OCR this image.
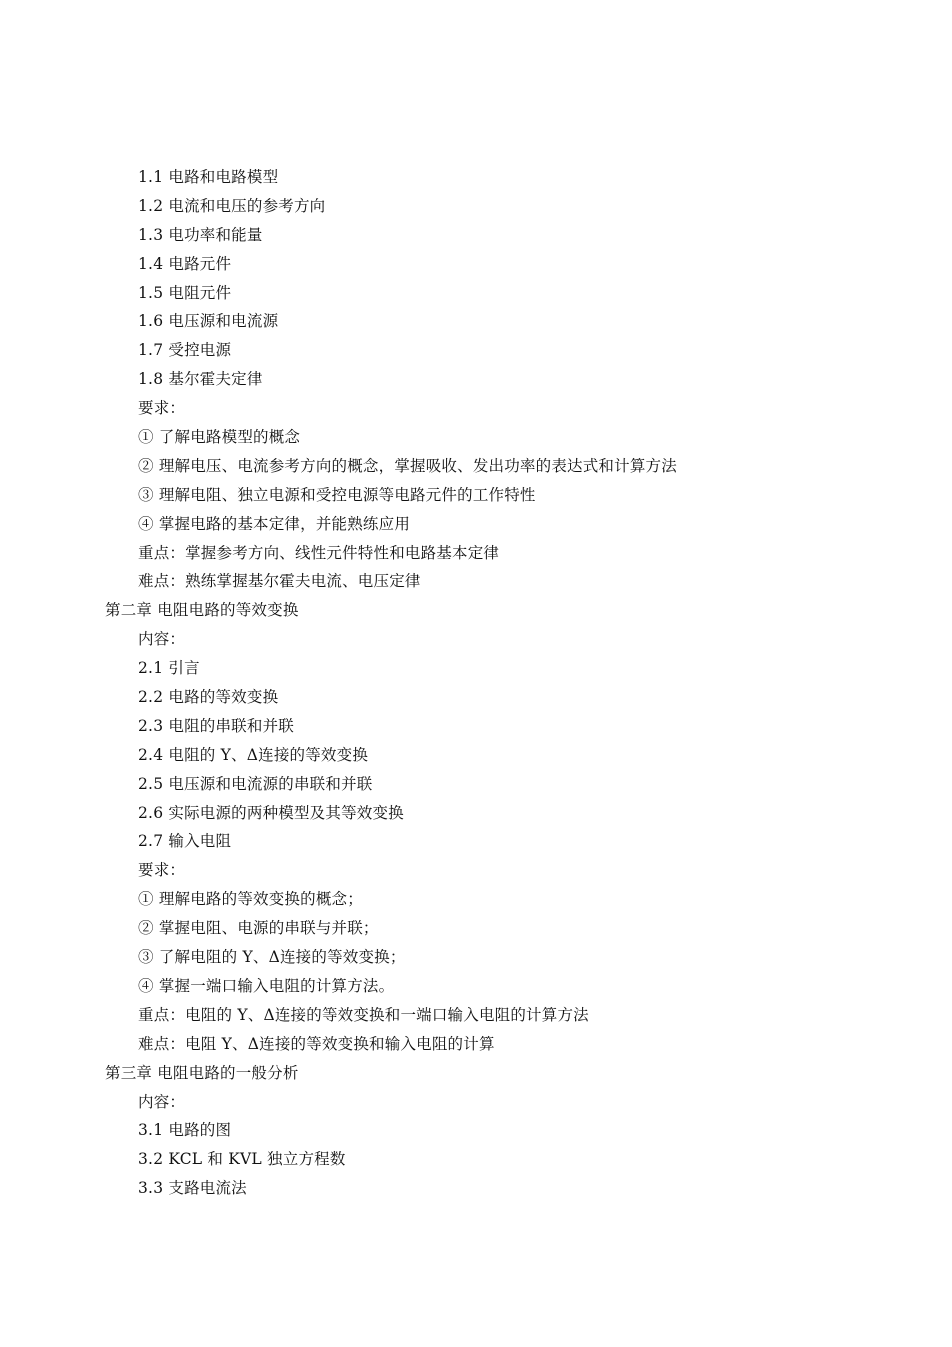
1.1 电路和电路模型
1.2 电流和电压的参考方向
1.3 电功率和能量
1.4 电路元件
1.5 电阻元件
1.6 电压源和电流源
1.7 受控电源
1.8 基尔霍夫定律
要求：
① 了解电路模型的概念
② 理解电压、电流参考方向的概念，掌握吸收、发出功率的表达式和计算方法
③ 理解电阻、独立电源和受控电源等电路元件的工作特性
④ 掌握电路的基本定律，并能熟练应用
重点：掌握参考方向、线性元件特性和电路基本定律
难点：熟练掌握基尔霍夫电流、电压定律
第二章 电阻电路的等效变换
内容：
2.1 引言
2.2 电路的等效变换
2.3 电阻的串联和并联
2.4 电阻的 Y、Δ连接的等效变换
2.5 电压源和电流源的串联和并联
2.6 实际电源的两种模型及其等效变换
2.7 输入电阻
要求：
① 理解电路的等效变换的概念；
② 掌握电阻、电源的串联与并联；
③ 了解电阻的 Y、Δ连接的等效变换；
④ 掌握一端口输入电阻的计算方法。
重点：电阻的 Y、Δ连接的等效变换和一端口输入电阻的计算方法
难点：电阻 Y、Δ连接的等效变换和输入电阻的计算
第三章 电阻电路的一般分析
内容：
3.1 电路的图
3.2 KCL 和 KVL 独立方程数
3.3 支路电流法
